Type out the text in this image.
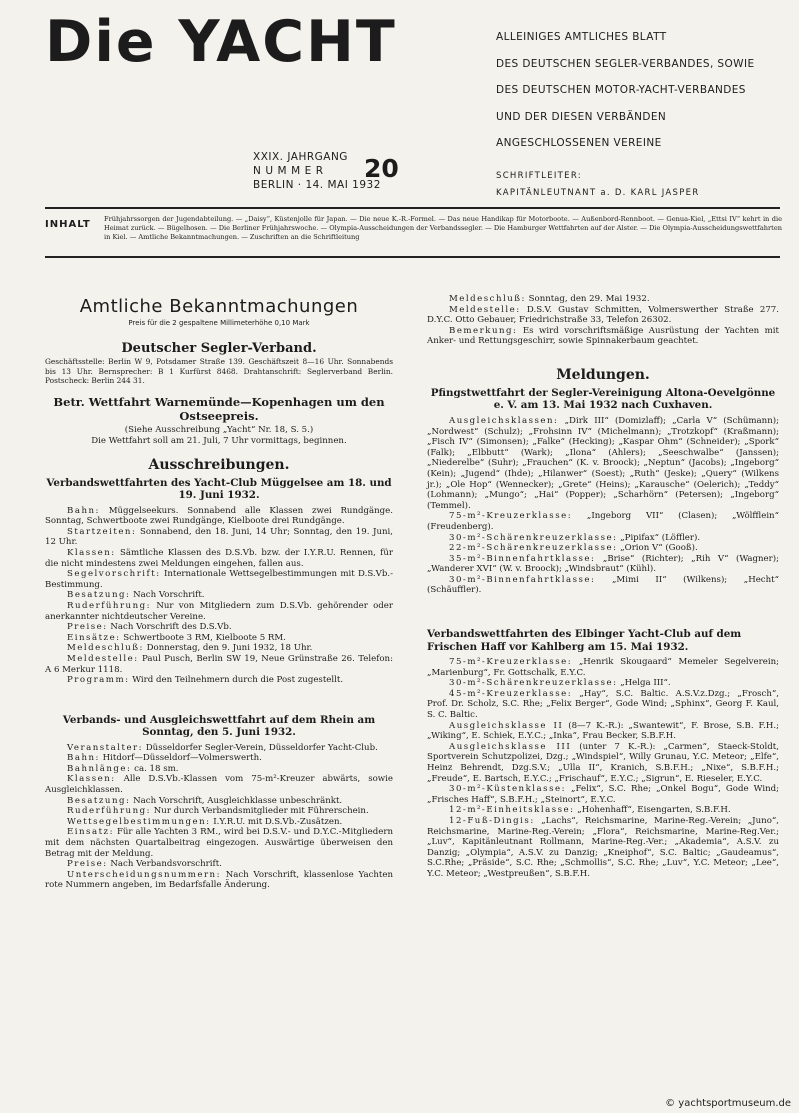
Die YACHT	ALLEINIGES AMTLICHES BLATT
DES DEUTSCHEN SEGLER-VERBANDES, SOWIE
DES DEUTSCHEN MOTOR-YACHT-VERBANDES
UND DER DIESEN VERBÄNDEN
ANGESCHLOSSENEN VEREINE
XXIX. JAHRGANG
NUMMER
BERLIN · 14. MAI 1932
20	SCHRIFTLEITER:
KAPITÄNLEUTNANT a. D. KARL JASPER
INHALT Frühjahrssorgen der Jugendabteilung. — „Daisy“, Küstenjolle für Japan. — Die neue K.-R.-Formel. — Das neue Handikap für Motorboote. — Außenbord-Rennboot. — Genua-Kiel, „Ettsi IV“ kehrt in die Heimat zurück. — Bügelhosen. — Die Berliner Frühjahrswoche. — Olympia-Ausscheidungen der Verbandssegler. — Die Hamburger Wettfahrten auf der Alster. — Die Olympia-Ausscheidungswettfahrten in Kiel. — Amtliche Bekanntmachungen. — Zuschriften an die Schriftleitung
Amtliche Bekanntmachungen
Preis für die 2 gespaltene Millimeterhöhe 0,10 Mark
Deutscher Segler-Verband.
Geschäftsstelle: Berlin W 9, Potsdamer Straße 139. Geschäftszeit 8—16 Uhr. Sonnabends bis 13 Uhr. Bernsprecher: B 1 Kurfürst 8468. Drahtanschrift: Seglerverband Berlin. Postscheck: Berlin 244 31.
Betr. Wettfahrt Warnemünde—Kopenhagen um den Ostseepreis.
(Siehe Ausschreibung „Yacht“ Nr. 18, S. 5.)
Die Wettfahrt soll am 21. Juli, 7 Uhr vormittags, beginnen.
Ausschreibungen.
Verbandswettfahrten des Yacht-Club Müggelsee am 18. und 19. Juni 1932.
Bahn: Müggelseekurs. Sonnabend alle Klassen zwei Rundgänge. Sonntag, Schwertboote zwei Rundgänge, Kielboote drei Rundgänge.
Startzeiten: Sonnabend, den 18. Juni, 14 Uhr; Sonntag, den 19. Juni, 12 Uhr.
Klassen: Sämtliche Klassen des D.S.Vb. bzw. der I.Y.R.U. Rennen, für die nicht mindestens zwei Meldungen eingehen, fallen aus.
Segelvorschrift: Internationale Wettsegelbestimmungen mit D.S.Vb.-Bestimmung.
Besatzung: Nach Vorschrift.
Ruderführung: Nur von Mitgliedern zum D.S.Vb. gehörender oder anerkannter nichtdeutscher Vereine.
Preise: Nach Vorschrift des D.S.Vb.
Einsätze: Schwertboote 3 RM, Kielboote 5 RM.
Meldeschluß: Donnerstag, den 9. Juni 1932, 18 Uhr.
Meldestelle: Paul Pusch, Berlin SW 19, Neue Grünstraße 26. Telefon: A 6 Merkur 1118.
Programm: Wird den Teilnehmern durch die Post zugestellt.
Verbands- und Ausgleichswettfahrt auf dem Rhein am Sonntag, den 5. Juni 1932.
Veranstalter: Düsseldorfer Segler-Verein, Düsseldorfer Yacht-Club.
Bahn: Hitdorf—Düsseldorf—Volmerswerth.
Bahnlänge: ca. 18 sm.
Klassen: Alle D.S.Vb.-Klassen vom 75-m²-Kreuzer abwärts, sowie Ausgleichklassen.
Besatzung: Nach Vorschrift, Ausgleichklasse unbeschränkt.
Ruderführung: Nur durch Verbandsmitglieder mit Führerschein.
Wettsegelbestimmungen: I.Y.R.U. mit D.S.Vb.-Zusätzen.
Einsatz: Für alle Yachten 3 RM., wird bei D.S.V.- und D.Y.C.-Mitgliedern mit dem nächsten Quartalbeitrag eingezogen. Auswärtige überweisen den Betrag mit der Meldung.
Preise: Nach Verbandsvorschrift.
Unterscheidungsnummern: Nach Vorschrift, klassenlose Yachten rote Nummern angeben, im Bedarfsfalle Änderung.
Meldeschluß: Sonntag, den 29. Mai 1932.
Meldestelle: D.S.V. Gustav Schmitten, Volmerswerther Straße 277. D.Y.C. Otto Gebauer, Friedrichstraße 33, Telefon 26302.
Bemerkung: Es wird vorschriftsmäßige Ausrüstung der Yachten mit Anker- und Rettungsgeschirr, sowie Spinnakerbaum geachtet.
Meldungen.
Pfingstwettfahrt der Segler-Vereinigung Altona-Oevelgönne e. V. am 13. Mai 1932 nach Cuxhaven.
Ausgleichsklassen: „Dirk III“ (Domizlaff); „Carla V“ (Schümann); „Nordwest“ (Schulz); „Frohsinn IV“ (Michelmann); „Trotzkopf“ (Kraßmann); „Fisch IV“ (Simonsen); „Falke“ (Hecking); „Kaspar Ohm“ (Schneider); „Spork“ (Falk); „Elbbutt“ (Wark); „Ilona“ (Ahlers); „Seeschwalbe“ (Janssen); „Niederelbe“ (Suhr); „Frauchen“ (K. v. Broock); „Neptun“ (Jacobs); „Ingeborg“ (Kein); „Jugend“ (Ihde); „Hilanwer“ (Soest); „Ruth“ (Jeske); „Query“ (Wilkens jr.); „Ole Hop“ (Wennecker); „Grete“ (Heins); „Karausche“ (Oelerich); „Teddy“ (Lohmann); „Mungo“; „Hai“ (Popper); „Scharhörn“ (Petersen); „Ingeborg“ (Temmel).
75-m²-Kreuzerklasse: „Ingeborg VII“ (Clasen); „Wölfflein“ (Freudenberg).
30-m²-Schärenkreuzerklasse: „Pipifax“ (Löffler).
22-m²-Schärenkreuzerklasse: „Orion V“ (Gooß).
35-m²-Binnenfahrtklasse: „Brise“ (Richter); „Rih V“ (Wagner); „Wanderer XVI“ (W. v. Broock); „Windsbraut“ (Kühl).
30-m²-Binnenfahrtklasse: „Mimi II“ (Wilkens); „Hecht“ (Schäuffler).
Verbandswettfahrten des Elbinger Yacht-Club auf dem Frischen Haff vor Kahlberg am 15. Mai 1932.
75-m²-Kreuzerklasse: „Henrik Skougaard“ Memeler Segelverein; „Marienburg“, Fr. Gottschalk, E.Y.C.
30-m²-Schärenkreuzerklasse: „Helga III“.
45-m²-Kreuzerklasse: „Hay“, S.C. Baltic. A.S.V.z.Dzg.; „Frosch“, Prof. Dr. Scholz, S.C. Rhe; „Felix Berger“, Gode Wind; „Sphinx“, Georg F. Kaul, S. C. Baltic.
Ausgleichsklasse II (8—7 K.-R.): „Swantewit“, F. Brose, S.B. F.H.; „Wiking“, E. Schiek, E.Y.C.; „Inka“, Frau Becker, S.B.F.H.
Ausgleichsklasse III (unter 7 K.-R.): „Carmen“, Staeck-Stoldt, Sportverein Schutzpolizei, Dzg.; „Windspiel“, Willy Grunau, Y.C. Meteor; „Elfe“, Heinz Behrendt, Dzg.S.V.; „Ulla II“, Kranich, S.B.F.H.; „Nixe“, S.B.F.H.; „Freude“, E. Bartsch, E.Y.C.; „Frischauf“, E.Y.C.; „Sigrun“, E. Rieseler, E.Y.C.
30-m²-Küstenklasse: „Felix“, S.C. Rhe; „Onkel Bogu“, Gode Wind; „Frisches Haff“, S.B.F.H.; „Steinort“, E.Y.C.
12-m²-Einheitsklasse: „Hohenhaff“, Eisengarten, S.B.F.H.
12-Fuß-Dingis: „Lachs“, Reichsmarine, Marine-Reg.-Verein; „Juno“, Reichsmarine, Marine-Reg.-Verein; „Flora“, Reichsmarine, Marine-Reg.Ver.; „Luv“, Kapitänleutnant Rollmann, Marine-Reg.-Ver.; „Akademia“, A.S.V. zu Danzig; „Olympia“, A.S.V. zu Danzig; „Kneiphof“, S.C. Baltic; „Gaudeamus“, S.C.Rhe; „Präside“, S.C. Rhe; „Schmollis“, S.C. Rhe; „Luv“, Y.C. Meteor; „Lee“, Y.C. Meteor; „Westpreußen“, S.B.F.H.
© yachtsportmuseum.de
